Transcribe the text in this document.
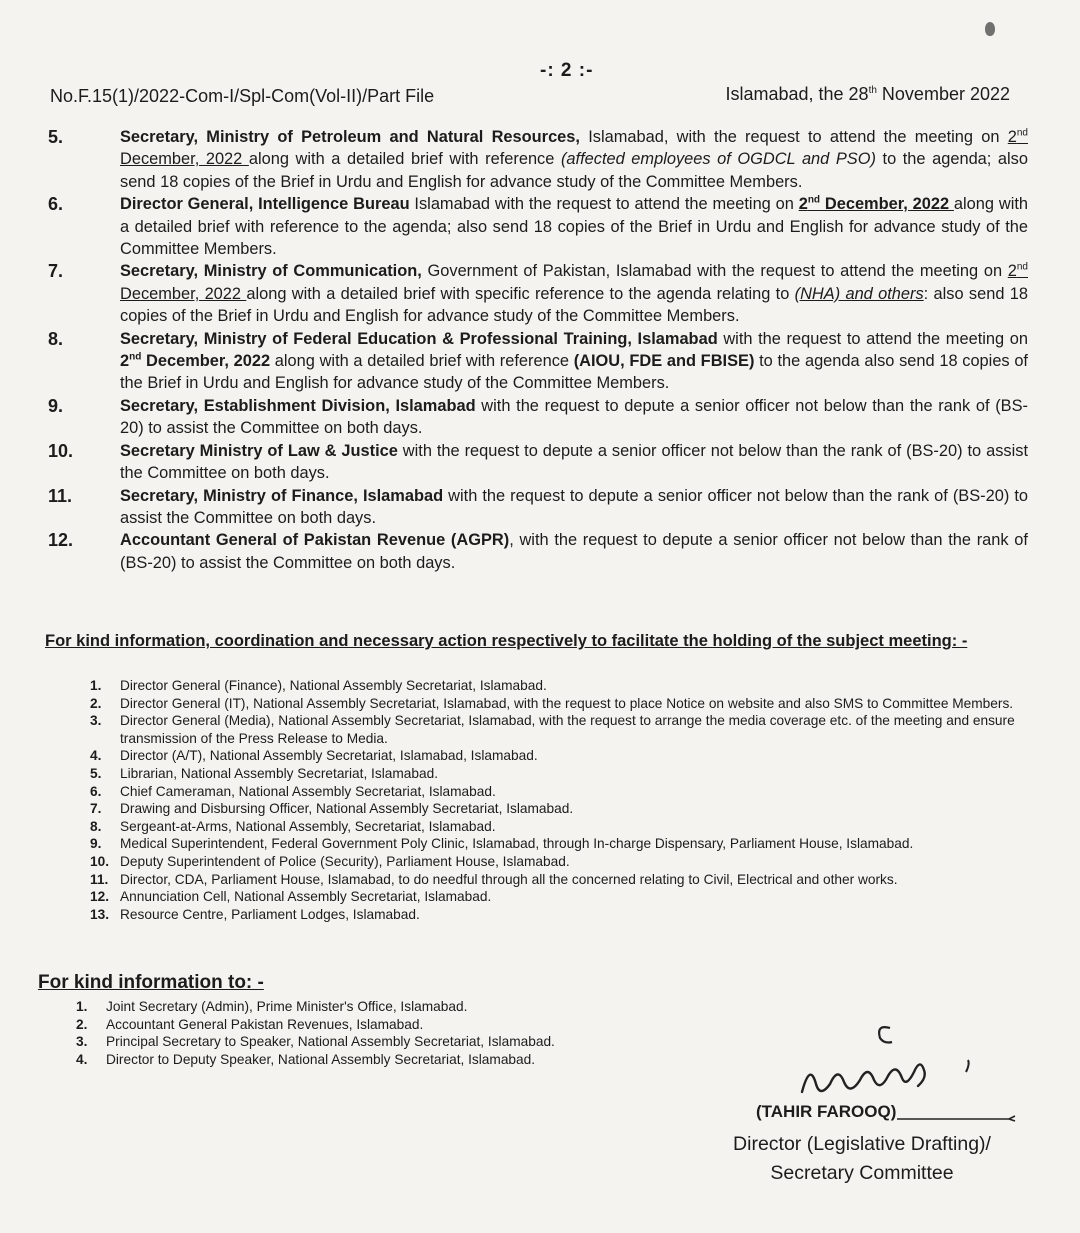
-: 2 :-
No.F.15(1)/2022-Com-I/Spl-Com(Vol-II)/Part File	Islamabad, the 28th November 2022
5.	Secretary, Ministry of Petroleum and Natural Resources, Islamabad, with the request to attend the meeting on 2nd December, 2022 along with a detailed brief with reference (affected employees of OGDCL and PSO) to the agenda; also send 18 copies of the Brief in Urdu and English for advance study of the Committee Members.
6.	Director General, Intelligence Bureau Islamabad with the request to attend the meeting on 2nd December, 2022 along with a detailed brief with reference to the agenda; also send 18 copies of the Brief in Urdu and English for advance study of the Committee Members.
7.	Secretary, Ministry of Communication, Government of Pakistan, Islamabad with the request to attend the meeting on 2nd December, 2022 along with a detailed brief with specific reference to the agenda relating to (NHA) and others: also send 18 copies of the Brief in Urdu and English for advance study of the Committee Members.
8.	Secretary, Ministry of Federal Education & Professional Training, Islamabad with the request to attend the meeting on 2nd December, 2022 along with a detailed brief with reference (AIOU, FDE and FBISE) to the agenda also send 18 copies of the Brief in Urdu and English for advance study of the Committee Members.
9.	Secretary, Establishment Division, Islamabad with the request to depute a senior officer not below than the rank of (BS-20) to assist the Committee on both days.
10.	Secretary Ministry of Law & Justice with the request to depute a senior officer not below than the rank of (BS-20) to assist the Committee on both days.
11.	Secretary, Ministry of Finance, Islamabad with the request to depute a senior officer not below than the rank of (BS-20) to assist the Committee on both days.
12.	Accountant General of Pakistan Revenue (AGPR), with the request to depute a senior officer not below than the rank of (BS-20) to assist the Committee on both days.
For kind information, coordination and necessary action respectively to facilitate the holding of the subject meeting: -
1. Director General (Finance), National Assembly Secretariat, Islamabad.
2. Director General (IT), National Assembly Secretariat, Islamabad, with the request to place Notice on website and also SMS to Committee Members.
3. Director General (Media), National Assembly Secretariat, Islamabad, with the request to arrange the media coverage etc. of the meeting and ensure transmission of the Press Release to Media.
4. Director (A/T), National Assembly Secretariat, Islamabad, Islamabad.
5. Librarian, National Assembly Secretariat, Islamabad.
6. Chief Cameraman, National Assembly Secretariat, Islamabad.
7. Drawing and Disbursing Officer, National Assembly Secretariat, Islamabad.
8. Sergeant-at-Arms, National Assembly, Secretariat, Islamabad.
9. Medical Superintendent, Federal Government Poly Clinic, Islamabad, through In-charge Dispensary, Parliament House, Islamabad.
10. Deputy Superintendent of Police (Security), Parliament House, Islamabad.
11. Director, CDA, Parliament House, Islamabad, to do needful through all the concerned relating to Civil, Electrical and other works.
12. Annunciation Cell, National Assembly Secretariat, Islamabad.
13. Resource Centre, Parliament Lodges, Islamabad.
For kind information to: -
1. Joint Secretary (Admin), Prime Minister's Office, Islamabad.
2. Accountant General Pakistan Revenues, Islamabad.
3. Principal Secretary to Speaker, National Assembly Secretariat, Islamabad.
4. Director to Deputy Speaker, National Assembly Secretariat, Islamabad.
(TAHIR FAROOQ)
Director (Legislative Drafting)/
Secretary Committee
